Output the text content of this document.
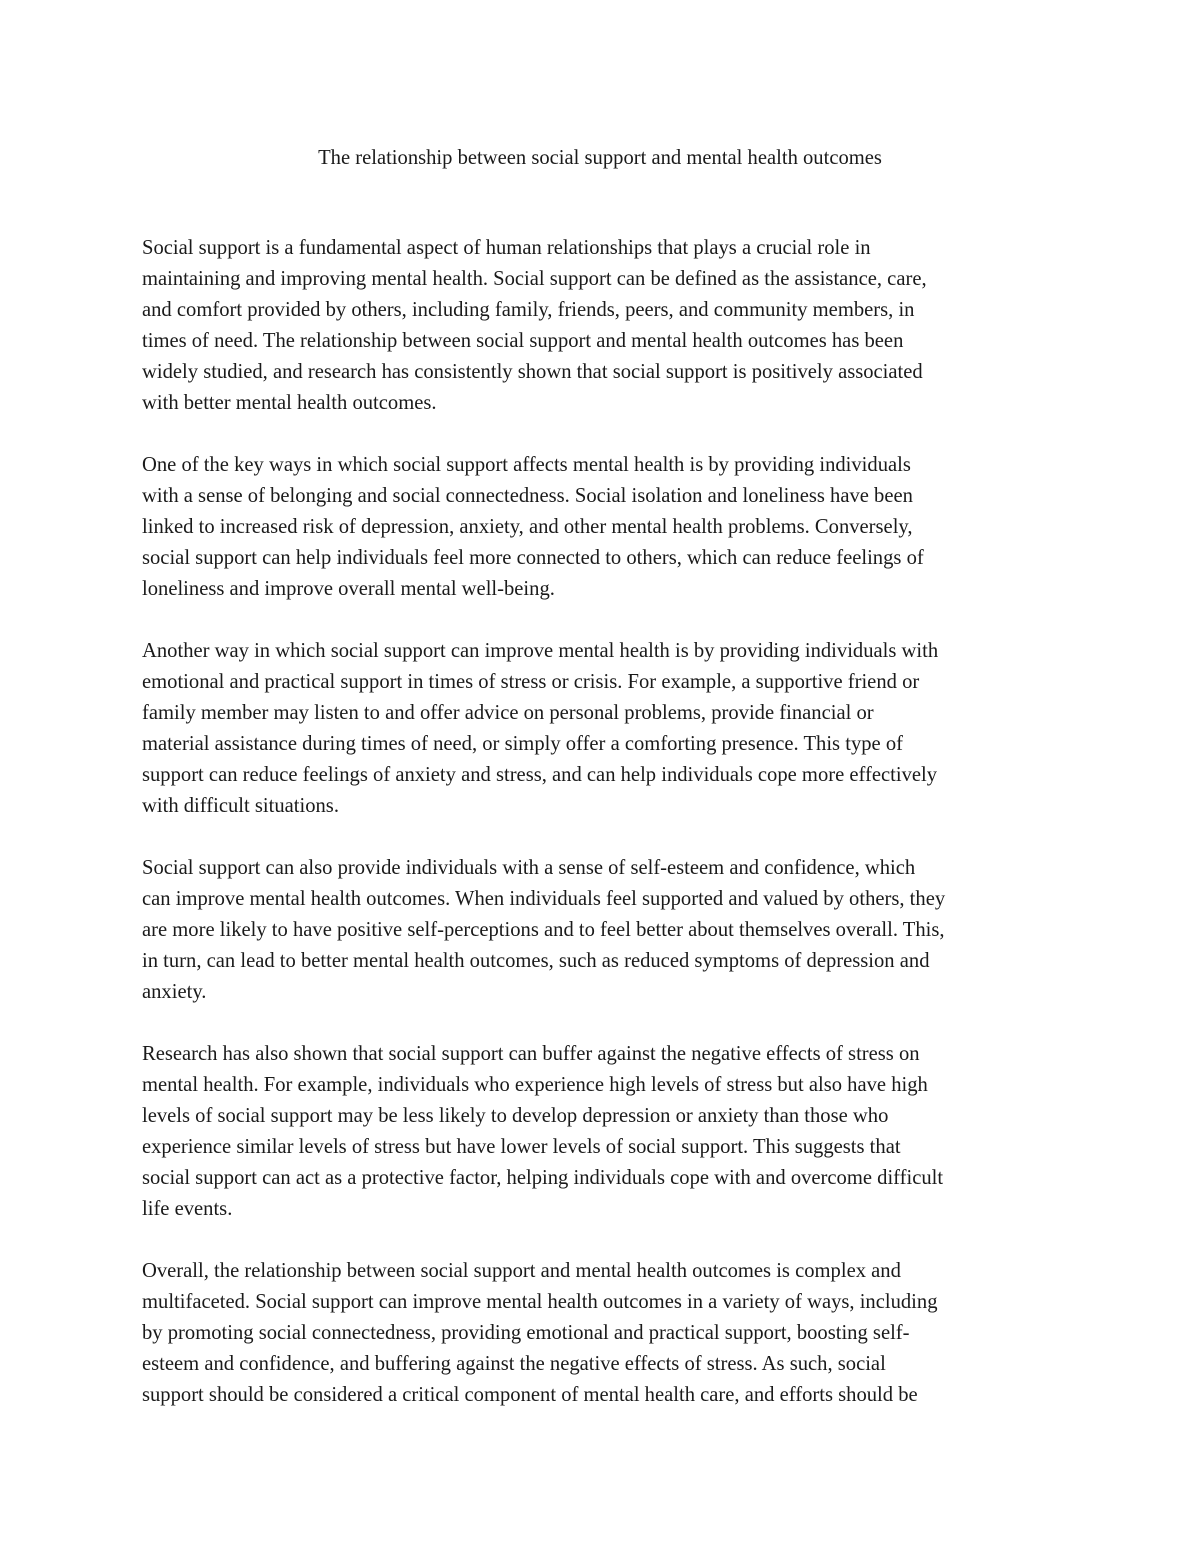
The relationship between social support and mental health outcomes

Social support is a fundamental aspect of human relationships that plays a crucial role in
maintaining and improving mental health. Social support can be defined as the assistance, care,
and comfort provided by others, including family, friends, peers, and community members, in
times of need. The relationship between social support and mental health outcomes has been
widely studied, and research has consistently shown that social support is positively associated
with better mental health outcomes.

One of the key ways in which social support affects mental health is by providing individuals
with a sense of belonging and social connectedness. Social isolation and loneliness have been
linked to increased risk of depression, anxiety, and other mental health problems. Conversely,
social support can help individuals feel more connected to others, which can reduce feelings of
loneliness and improve overall mental well-being.

Another way in which social support can improve mental health is by providing individuals with
emotional and practical support in times of stress or crisis. For example, a supportive friend or
family member may listen to and offer advice on personal problems, provide financial or
material assistance during times of need, or simply offer a comforting presence. This type of
support can reduce feelings of anxiety and stress, and can help individuals cope more effectively
with difficult situations.

Social support can also provide individuals with a sense of self-esteem and confidence, which
can improve mental health outcomes. When individuals feel supported and valued by others, they
are more likely to have positive self-perceptions and to feel better about themselves overall. This,
in turn, can lead to better mental health outcomes, such as reduced symptoms of depression and
anxiety.

Research has also shown that social support can buffer against the negative effects of stress on
mental health. For example, individuals who experience high levels of stress but also have high
levels of social support may be less likely to develop depression or anxiety than those who
experience similar levels of stress but have lower levels of social support. This suggests that
social support can act as a protective factor, helping individuals cope with and overcome difficult
life events.

Overall, the relationship between social support and mental health outcomes is complex and
multifaceted. Social support can improve mental health outcomes in a variety of ways, including
by promoting social connectedness, providing emotional and practical support, boosting self-
esteem and confidence, and buffering against the negative effects of stress. As such, social
support should be considered a critical component of mental health care, and efforts should be
